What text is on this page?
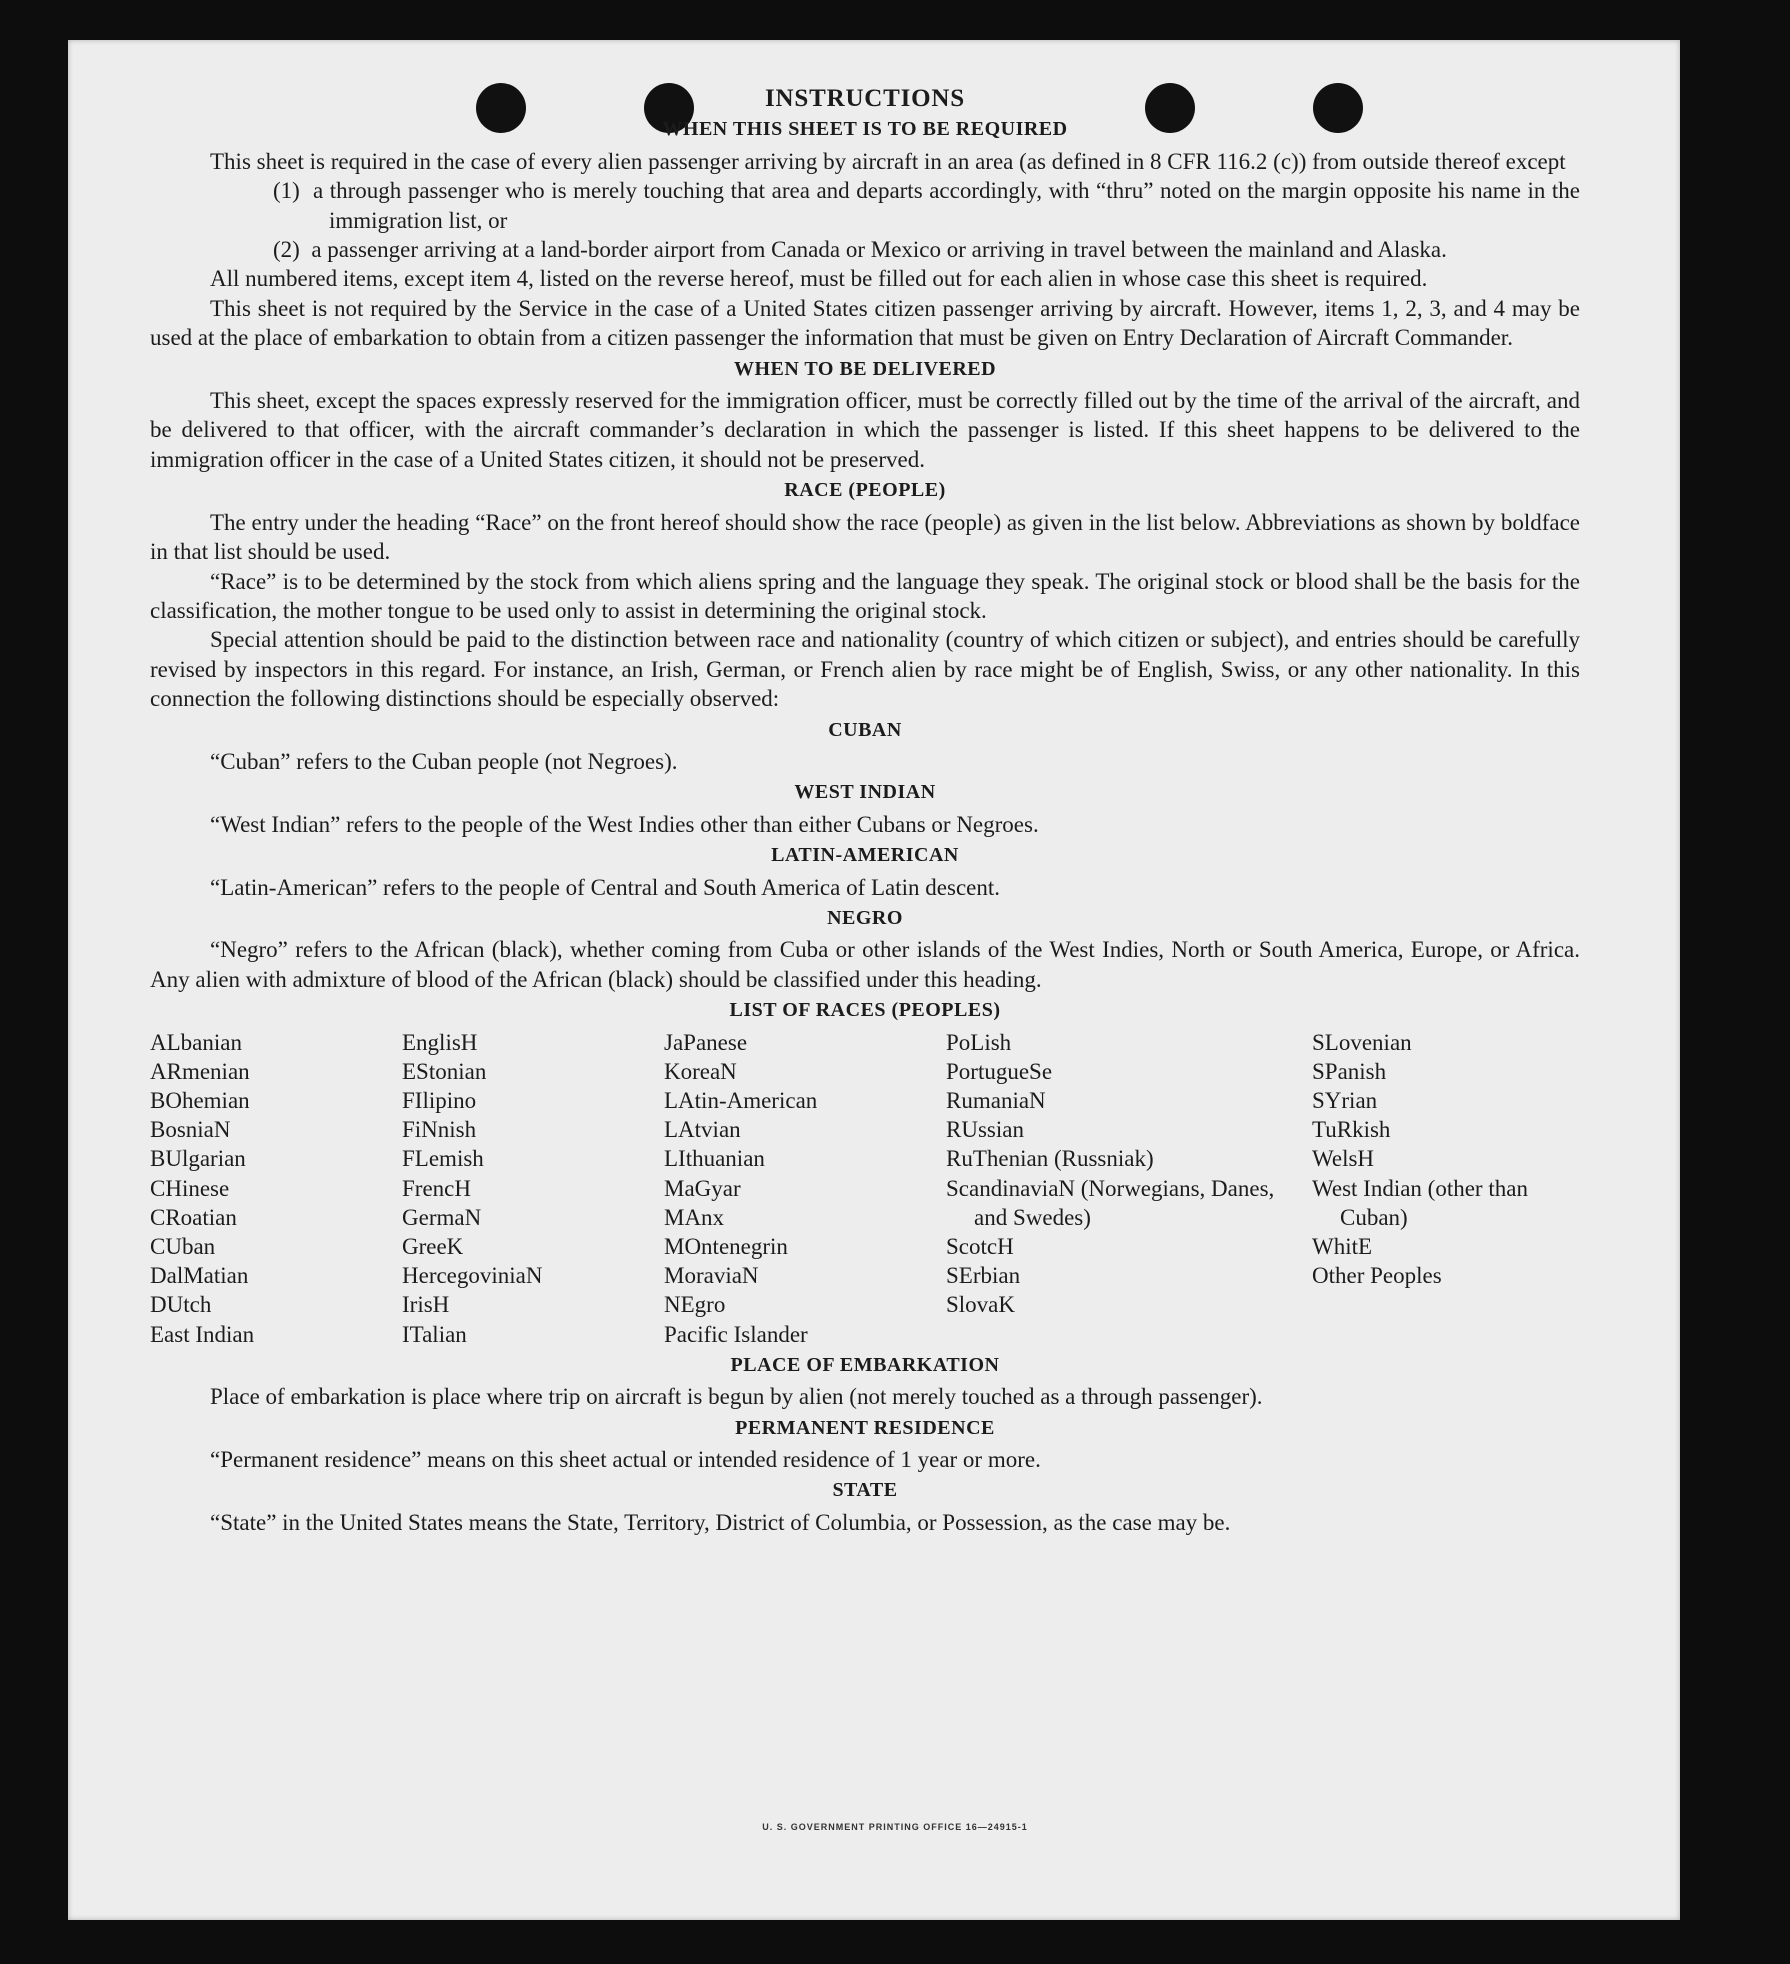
INSTRUCTIONS
WHEN THIS SHEET IS TO BE REQUIRED

This sheet is required in the case of every alien passenger arriving by aircraft in an area (as defined in 8 CFR 116.2 (c)) from outside thereof except

(1) a through passenger who is merely touching that area and departs accordingly, with “thru” noted on the margin opposite his name in the immigration list, or
(2) a passenger arriving at a land-border airport from Canada or Mexico or arriving in travel between the mainland and Alaska.

All numbered items, except item 4, listed on the reverse hereof, must be filled out for each alien in whose case this sheet is required.

This sheet is not required by the Service in the case of a United States citizen passenger arriving by aircraft. However, items 1, 2, 3, and 4 may be used at the place of embarkation to obtain from a citizen passenger the information that must be given on Entry Declaration of Aircraft Commander.

WHEN TO BE DELIVERED

This sheet, except the spaces expressly reserved for the immigration officer, must be correctly filled out by the time of the arrival of the aircraft, and be delivered to that officer, with the aircraft commander’s declaration in which the passenger is listed. If this sheet happens to be delivered to the immigration officer in the case of a United States citizen, it should not be preserved.

RACE (PEOPLE)

The entry under the heading “Race” on the front hereof should show the race (people) as given in the list below. Abbreviations as shown by boldface in that list should be used.

“Race” is to be determined by the stock from which aliens spring and the language they speak. The original stock or blood shall be the basis for the classification, the mother tongue to be used only to assist in determining the original stock.

Special attention should be paid to the distinction between race and nationality (country of which citizen or subject), and entries should be carefully revised by inspectors in this regard. For instance, an Irish, German, or French alien by race might be of English, Swiss, or any other nationality. In this connection the following distinctions should be especially observed:

CUBAN

“Cuban” refers to the Cuban people (not Negroes).

WEST INDIAN

“West Indian” refers to the people of the West Indies other than either Cubans or Negroes.

LATIN-AMERICAN

“Latin-American” refers to the people of Central and South America of Latin descent.

NEGRO

“Negro” refers to the African (black), whether coming from Cuba or other islands of the West Indies, North or South America, Europe, or Africa. Any alien with admixture of blood of the African (black) should be classified under this heading.

LIST OF RACES (PEOPLES)
ALbanian
ARmenian
BOhemian
BosniaN
BUlgarian
CHinese
CRoatian
CUban
DalMatian
DUtch
East Indian
EnglisH
EStonian
FIlipino
FiNnish
FLemish
FrencH
GermaN
GreeK
HercegoviniaN
IrisH
ITalian
JaPanese
KoreaN
LAtin-American
LAtvian
LIthuanian
MaGyar
MAnx
MOntenegrin
MoraviaN
NEgro
Pacific Islander
PoLish
PortugueSe
RumaniaN
RUssian
RuThenian (Russniak)
ScandinaviaN (Norwegians, Danes, and Swedes)
ScotcH
SErbian
SlovaK
SLovenian
SPanish
SYrian
TuRkish
WelsH
West Indian (other than Cuban)
WhitE
Other Peoples
PLACE OF EMBARKATION

Place of embarkation is place where trip on aircraft is begun by alien (not merely touched as a through passenger).

PERMANENT RESIDENCE

“Permanent residence” means on this sheet actual or intended residence of 1 year or more.

STATE

“State” in the United States means the State, Territory, District of Columbia, or Possession, as the case may be.

U. S. GOVERNMENT PRINTING OFFICE 16—24915-1
